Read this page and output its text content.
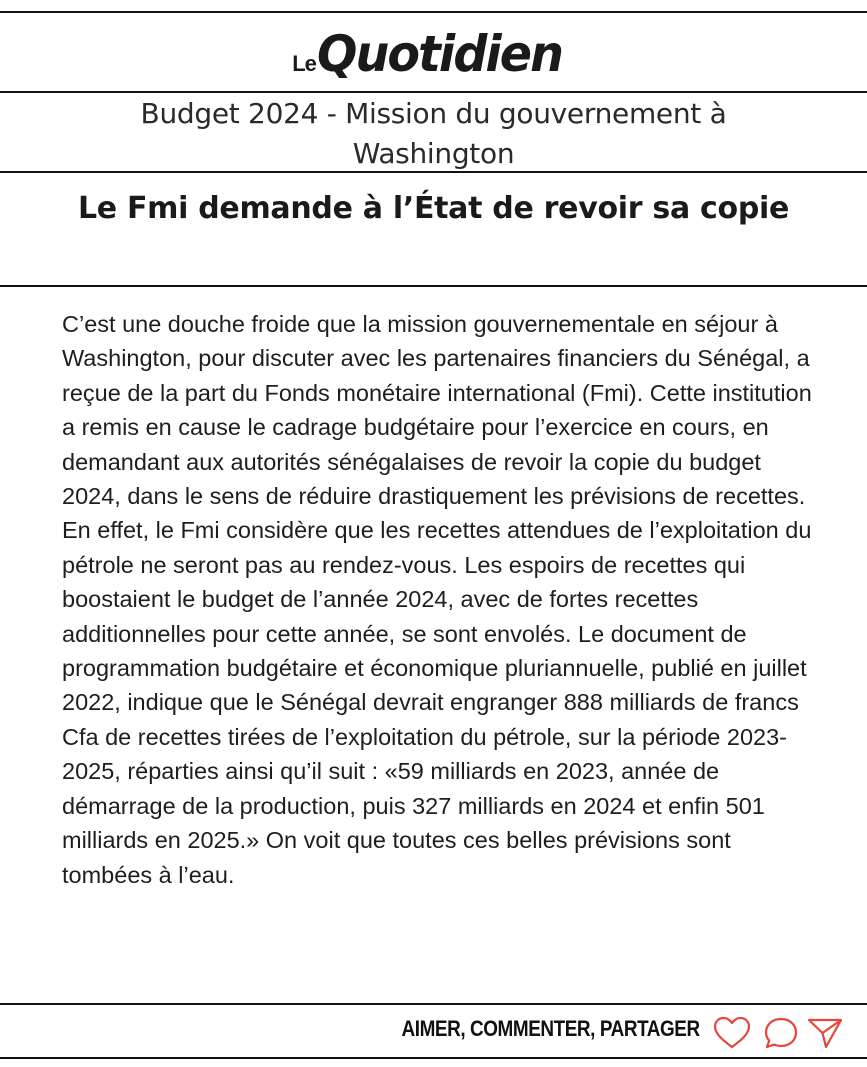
LeQuotidien
Budget 2024 - Mission du gouvernement à Washington
Le Fmi demande à l’État de revoir sa copie
C’est une douche froide que la mission gouvernementale en séjour à Washington, pour discuter avec les partenaires financiers du Sénégal, a reçue de la part du Fonds monétaire international (Fmi). Cette institution a remis en cause le cadrage budgétaire pour l’exercice en cours, en demandant aux autorités sénégalaises de revoir la copie du budget 2024, dans le sens de réduire drastiquement les prévisions de recettes. En effet, le Fmi considère que les recettes attendues de l’exploitation du pétrole ne seront pas au rendez-vous. Les espoirs de recettes qui boostaient le budget de l’année 2024, avec de fortes recettes additionnelles pour cette année, se sont envolés. Le document de programmation budgétaire et économique pluriannuelle, publié en juillet 2022, indique que le Sénégal devrait engranger 888 milliards de francs Cfa de recettes tirées de l’exploitation du pétrole, sur la période 2023-2025, réparties ainsi qu’il suit : «59 milliards en 2023, année de démarrage de la production, puis 327 milliards en 2024 et enfin 501 milliards en 2025.» On voit que toutes ces belles prévisions sont tombées à l’eau.
AIMER, COMMENTER, PARTAGER
